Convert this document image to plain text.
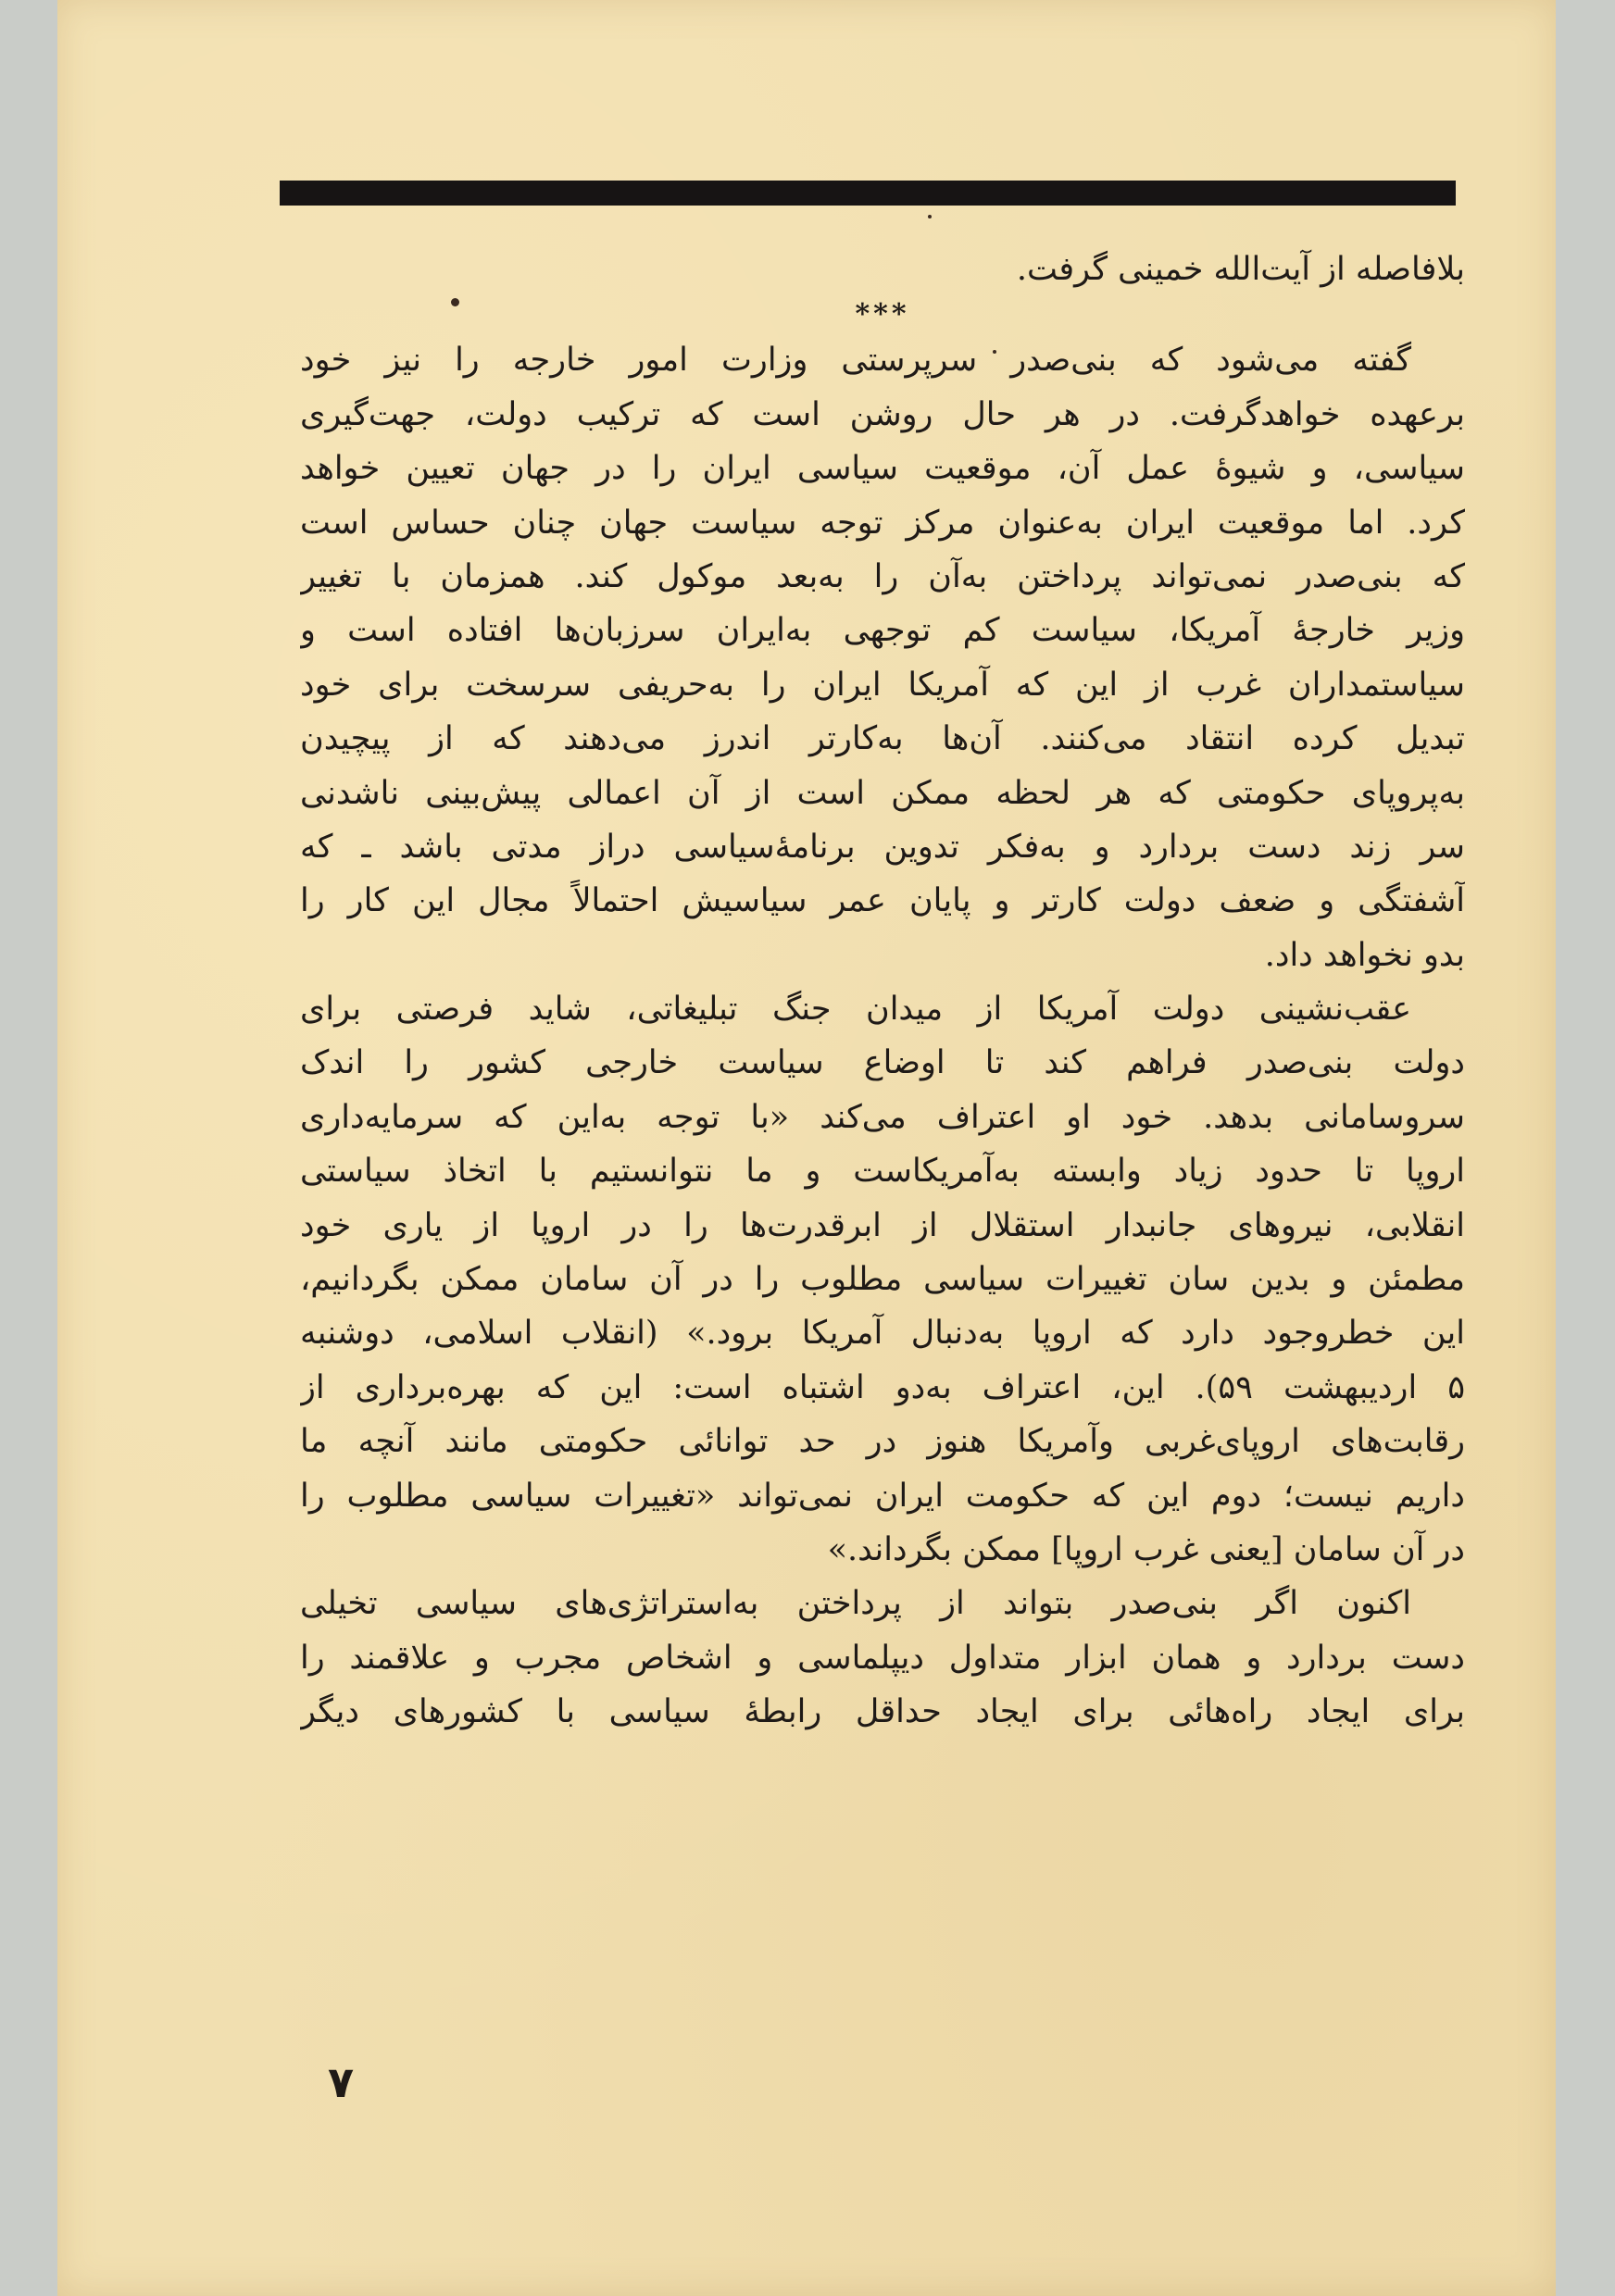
بلافاصله از آیت‌الله خمینی گرفت.
***
گفته می‌شود که بنی‌صدر سرپرستی وزارت امور خارجه را نیز خود
برعهده خواهدگرفت. در هر حال روشن است که ترکیب دولت، جهت‌گیری
سیاسی، و شیوهٔ عمل آن، موقعیت سیاسی ایران را در جهان تعیین خواهد
کرد. اما موقعیت ایران به‌عنوان مرکز توجه سیاست جهان چنان حساس است
که بنی‌صدر نمی‌تواند پرداختن به‌آن را به‌بعد موکول کند. همزمان با تغییر
وزیر خارجهٔ آمریکا، سیاست کم توجهی به‌ایران سرزبان‌ها افتاده است و
سیاستمداران غرب از این که آمریکا ایران را به‌حریفی سرسخت برای خود
تبدیل کرده انتقاد می‌کنند. آن‌ها به‌کارتر اندرز می‌دهند که از پیچیدن
به‌پروپای حکومتی که هر لحظه ممکن است از آن اعمالی پیش‌بینی ناشدنی
سر زند دست بردارد و به‌فکر تدوین برنامهٔ‌سیاسی دراز مدتی باشد ـ که
آشفتگی و ضعف دولت کارتر و پایان عمر سیاسیش احتمالاً مجال این کار را
بدو نخواهد داد.
عقب‌نشینی دولت آمریکا از میدان جنگ تبلیغاتی، شاید فرصتی برای
دولت بنی‌صدر فراهم کند تا اوضاع سیاست خارجی کشور را اندک
سروسامانی بدهد. خود او اعتراف می‌کند «با توجه به‌این که سرمایه‌داری
اروپا تا حدود زیاد وابسته به‌آمریکاست و ما نتوانستیم با اتخاذ سیاستی
انقلابی، نیروهای جانبدار استقلال از ابرقدرت‌ها را در اروپا از یاری خود
مطمئن و بدین سان تغییرات سیاسی مطلوب را در آن سامان ممکن بگردانیم،
این خطروجود دارد که اروپا به‌دنبال آمریکا برود.» (انقلاب اسلامی، دوشنبه
۵ اردیبهشت ۵۹). این، اعتراف به‌دو اشتباه است: این که بهره‌برداری از
رقابت‌های اروپای‌غربی وآمریکا هنوز در حد توانائی حکومتی مانند آنچه ما
داریم نیست؛ دوم این که حکومت ایران نمی‌تواند «تغییرات سیاسی مطلوب را
در آن سامان [یعنی غرب اروپا] ممکن بگرداند.»
اکنون اگر بنی‌صدر بتواند از پرداختن به‌استراتژی‌های سیاسی تخیلی
دست بردارد و همان ابزار متداول دیپلماسی و اشخاص مجرب و علاقمند را
برای ایجاد راه‌هائی برای ایجاد حداقل رابطهٔ سیاسی با کشورهای دیگر
۷
